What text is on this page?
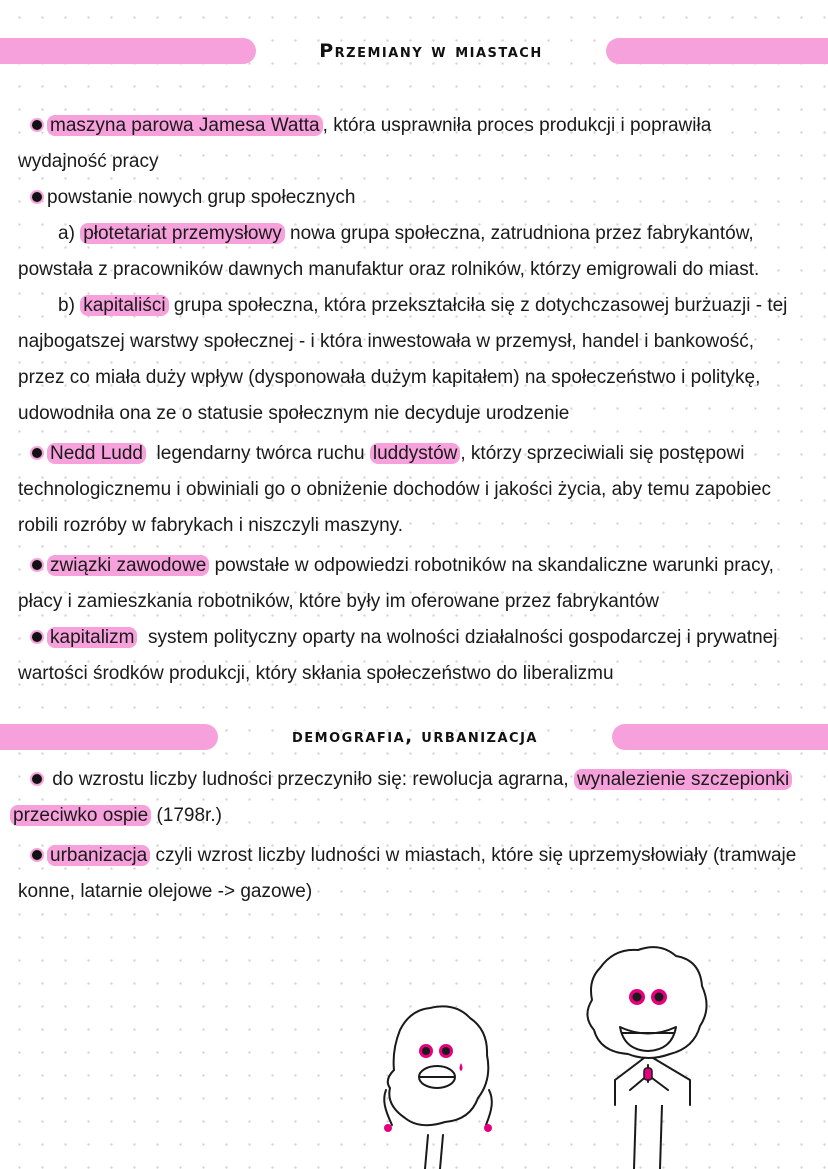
Przemiany w miastach
maszyna parowa Jamesa Watta , która usprawniła proces produkcji i poprawiła
wydajność pracy
powstanie nowych grup społecznych
a) płotetariat przemysłowy nowa grupa społeczna, zatrudniona przez fabrykantów,
powstała z pracowników dawnych manufaktur oraz rolników, którzy emigrowali do miast.
b) kapitaliści grupa społeczna, która przekształciła się z dotychczasowej burżuazji - tej
najbogatszej warstwy społecznej - i która inwestowała w przemysł, handel i bankowość,
przez co miała duży wpływ (dysponowała dużym kapitałem) na społeczeństwo i politykę,
udowodniła ona ze o statusie społecznym nie decyduje urodzenie
Nedd Ludd  legendarny twórca ruchu luddystów , którzy sprzeciwiali się postępowi
technologicznemu i obwiniali go o obniżenie dochodów i jakości życia, aby temu zapobiec
robili rozróby w fabrykach i niszczyli maszyny.
związki zawodowe powstałe w odpowiedzi robotników na skandaliczne warunki pracy,
płacy i zamieszkania robotników, które były im oferowane przez fabrykantów
kapitalizm  system polityczny oparty na wolności działalności gospodarczej i prywatnej
wartości środków produkcji, który skłania społeczeństwo do liberalizmu
demografia, urbanizacja
do wzrostu liczby ludności przeczyniło się: rewolucja agrarna, wynalezienie szczepionki
przeciwko ospie (1798r.)
urbanizacja czyli wzrost liczby ludności w miastach, które się uprzemysłowiały (tramwaje
konne, latarnie olejowe -> gazowe)
